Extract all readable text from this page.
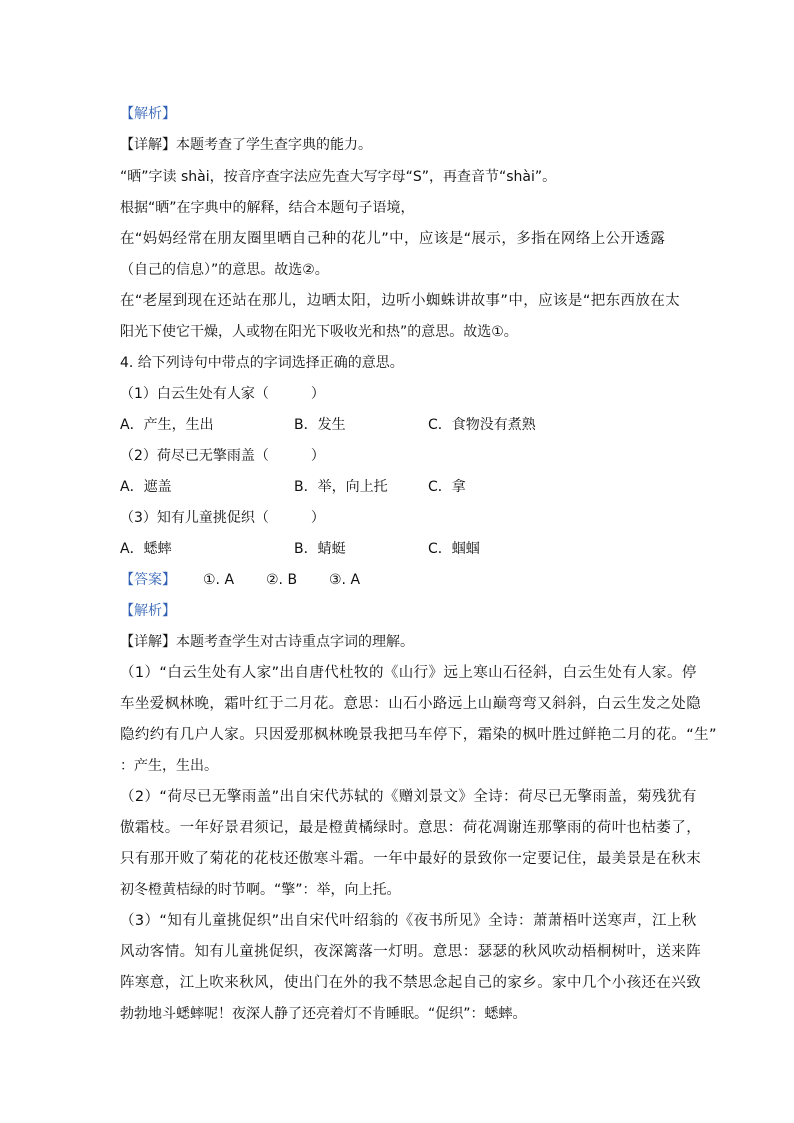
【解析】
【详解】本题考查了学生查字典的能力。
“晒”字读 shài，按音序查字法应先查大写字母“S”，再查音节“shài”。
根据“晒”在字典中的解释，结合本题句子语境，
在“妈妈经常在朋友圈里晒自己种的花儿”中，应该是“展示，多指在网络上公开透露
（自己的信息）”的意思。故选②。
在“老屋到现在还站在那儿，边晒太阳，边听小蜘蛛讲故事”中，应该是“把东西放在太
阳光下使它干燥，人或物在阳光下吸收光和热”的意思。故选①。
4. 给下列诗句中带点的字词选择正确的意思。
（1）白云生处有人家（　　　）
A．产生，生出	B．发生	C．食物没有煮熟
（2）荷尽已无擎雨盖（　　　）
A．遮盖	B．举，向上托	C．拿
（3）知有儿童挑促织（　　　）
A．蟋蟀	B．蜻蜓	C．蝈蝈
【答案】 ①. A ②. B ③. A
【解析】
【详解】本题考查学生对古诗重点字词的理解。
（1）“白云生处有人家”出自唐代杜牧的《山行》远上寒山石径斜，白云生处有人家。停
车坐爱枫林晚，霜叶红于二月花。意思：山石小路远上山巅弯弯又斜斜，白云生发之处隐
隐约约有几户人家。只因爱那枫林晚景我把马车停下，霜染的枫叶胜过鲜艳二月的花。“生”
：产生，生出。
（2）“荷尽已无擎雨盖”出自宋代苏轼的《赠刘景文》全诗：荷尽已无擎雨盖，菊残犹有
傲霜枝。一年好景君须记，最是橙黄橘绿时。意思：荷花凋谢连那擎雨的荷叶也枯萎了，
只有那开败了菊花的花枝还傲寒斗霜。一年中最好的景致你一定要记住，最美景是在秋末
初冬橙黄桔绿的时节啊。“擎”：举，向上托。
（3）“知有儿童挑促织”出自宋代叶绍翁的《夜书所见》全诗：萧萧梧叶送寒声，江上秋
风动客情。知有儿童挑促织，夜深篱落一灯明。意思：瑟瑟的秋风吹动梧桐树叶，送来阵
阵寒意，江上吹来秋风，使出门在外的我不禁思念起自己的家乡。家中几个小孩还在兴致
勃勃地斗蟋蟀呢！夜深人静了还亮着灯不肯睡眠。“促织”：蟋蟀。
